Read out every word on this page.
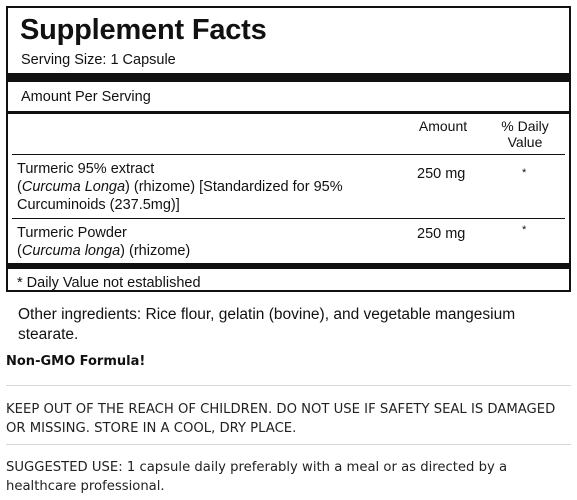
Supplement Facts
Serving Size: 1 Capsule
Amount Per Serving
Amount	% Daily
Value
Turmeric 95% extract
(Curcuma Longa) (rhizome) [Standardized for 95%
Curcuminoids (237.5mg)]
250 mg	*
Turmeric Powder
(Curcuma longa) (rhizome)
250 mg	*
* Daily Value not established
Other ingredients: Rice flour, gelatin (bovine), and vegetable mangesium stearate.
Non-GMO Formula!
KEEP OUT OF THE REACH OF CHILDREN. DO NOT USE IF SAFETY SEAL IS DAMAGED OR MISSING. STORE IN A COOL, DRY PLACE.
SUGGESTED USE: 1 capsule daily preferably with a meal or as directed by a healthcare professional.
